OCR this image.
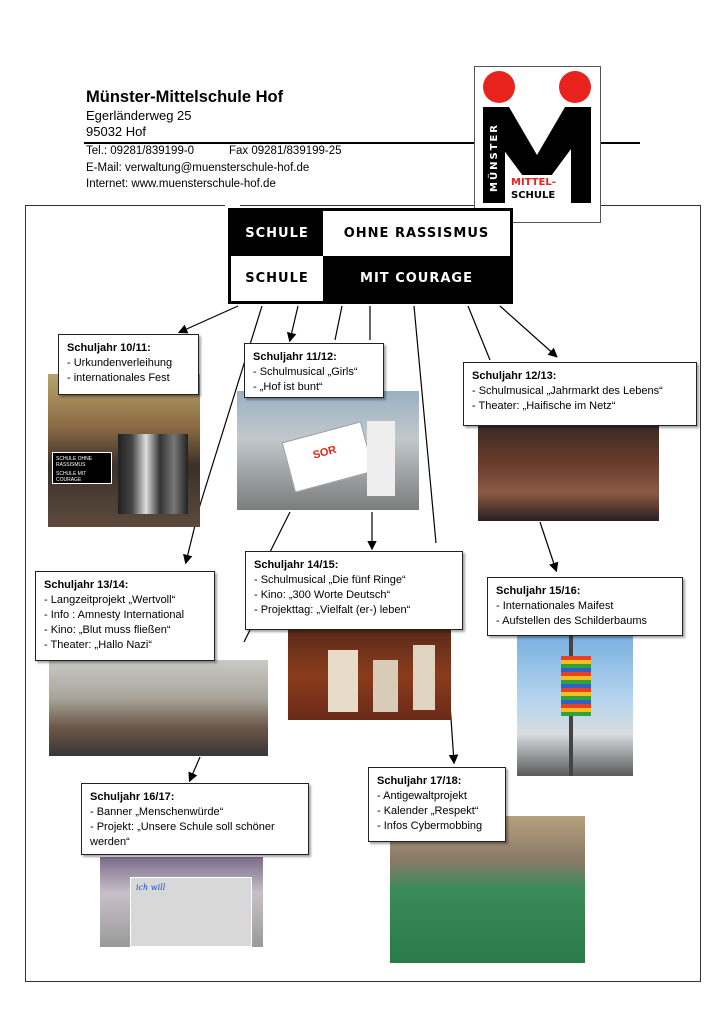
Münster-Mittelschule Hof
Egerländerweg 25
95032 Hof
Tel.: 09281/839199-0	Fax 09281/839199-25
E-Mail: verwaltung@muensterschule-hof.de
Internet: www.muensterschule-hof.de	MÜNSTER MITTEL-
SCHULE
SCHULE	OHNE RASSISMUS
SCHULE	MIT COURAGE
SCHULE OHNE RASSISMUS
SCHULE MIT COURAGE
SOR
ich will
Schuljahr 10/11:
- Urkundenverleihung
- internationales Fest
Schuljahr 11/12:
- Schulmusical „Girls“
- „Hof ist bunt“
Schuljahr 12/13:
- Schulmusical „Jahrmarkt des Lebens“
- Theater: „Haifische im Netz“
Schuljahr 13/14:
- Langzeitprojekt „Wertvoll“
- Info : Amnesty International
- Kino: „Blut muss fließen“
- Theater: „Hallo Nazi“
Schuljahr 14/15:
- Schulmusical „Die fünf Ringe“
- Kino: „300 Worte Deutsch“
- Projekttag: „Vielfalt (er-) leben“
Schuljahr 15/16:
- Internationales Maifest
- Aufstellen des Schilderbaums
Schuljahr 16/17:
- Banner „Menschenwürde“
- Projekt: „Unsere Schule soll schöner werden“
Schuljahr 17/18:
- Antigewaltprojekt
- Kalender „Respekt“
- Infos Cybermobbing
